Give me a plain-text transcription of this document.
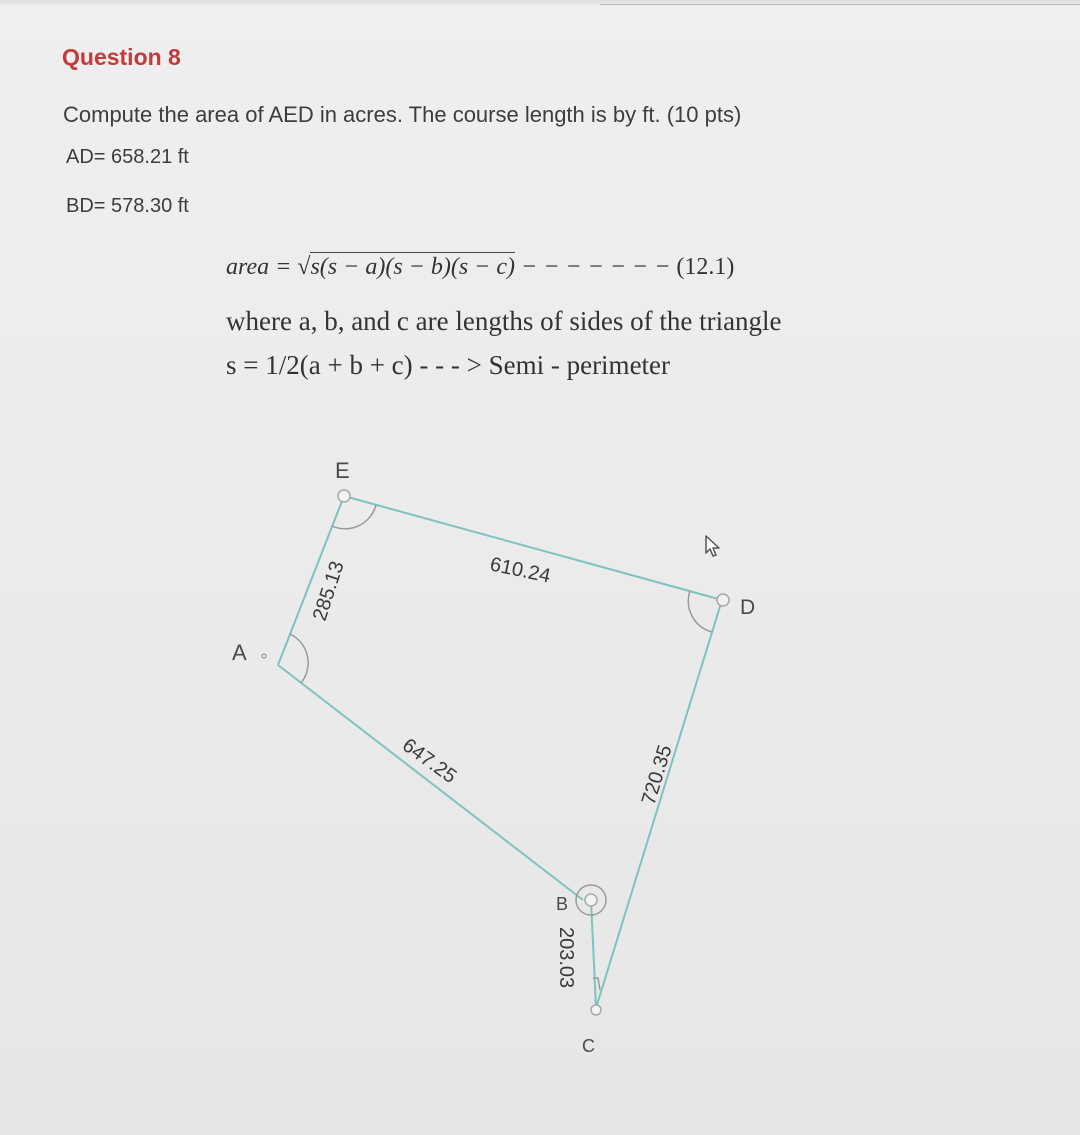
Question 8
Compute the area of AED in acres. The course length is by ft. (10 pts)
AD= 658.21 ft
BD= 578.30 ft
area = √s(s − a)(s − b)(s − c) − − − − − − − (12.1)
where a, b, and c are lengths of sides of the triangle
s = 1/2(a + b + c) - - - > Semi - perimeter
E
A
D
B
C
285.13	610.24
647.25	720.35
203.03
